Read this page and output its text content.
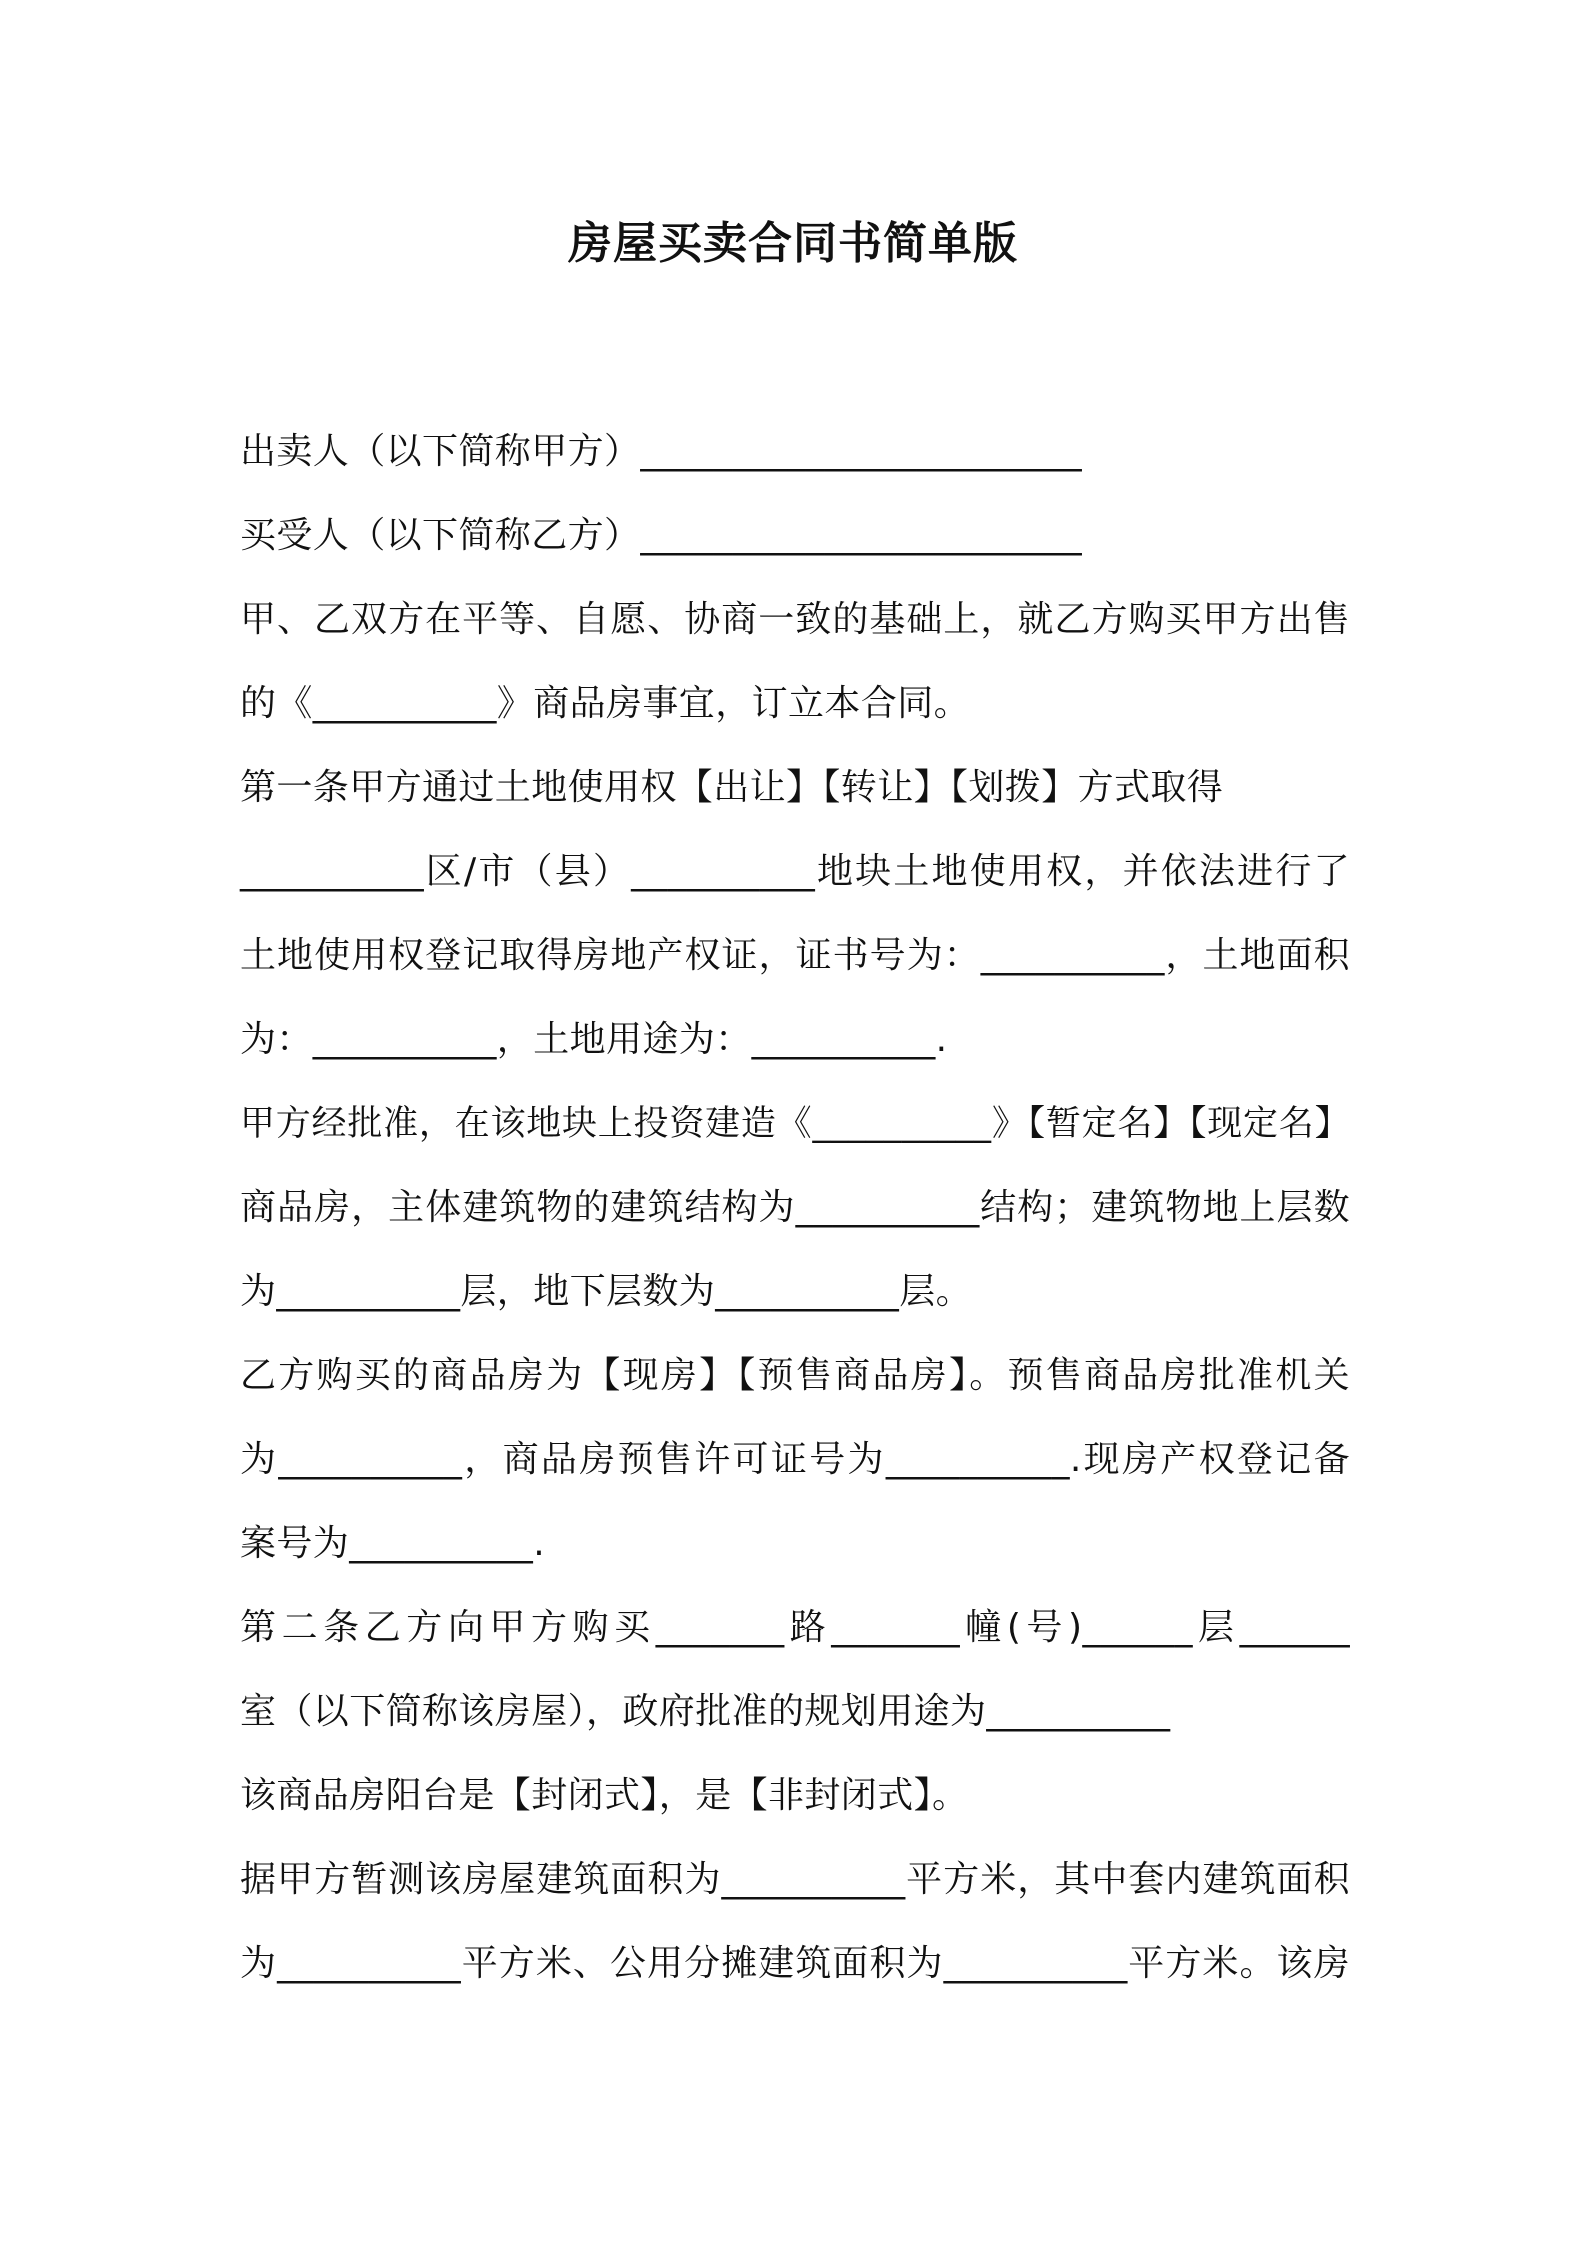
房屋买卖合同书简单版
出卖人（以下简称甲方）________________________
买受人（以下简称乙方）________________________
甲、乙双方在平等、自愿、协商一致的基础上，就乙方购买甲方出售
的《__________》商品房事宜，订立本合同。
第一条甲方通过土地使用权【出让】【转让】【划拨】方式取得
__________区/市（县）__________地块土地使用权，并依法进行了
土地使用权登记取得房地产权证，证书号为：__________，土地面积
为：__________，土地用途为：__________.
甲方经批准，在该地块上投资建造《__________》【暂定名】【现定名】
商品房，主体建筑物的建筑结构为__________结构；建筑物地上层数
为__________层，地下层数为__________层。
乙方购买的商品房为【现房】【预售商品房】。预售商品房批准机关
为__________，商品房预售许可证号为__________.现房产权登记备
案号为__________.
第二条乙方向甲方购买_______路_______幢(号)______层______
室（以下简称该房屋），政府批准的规划用途为__________
该商品房阳台是【封闭式】，是【非封闭式】。
据甲方暂测该房屋建筑面积为__________平方米，其中套内建筑面积
为__________平方米、公用分摊建筑面积为__________平方米。该房
